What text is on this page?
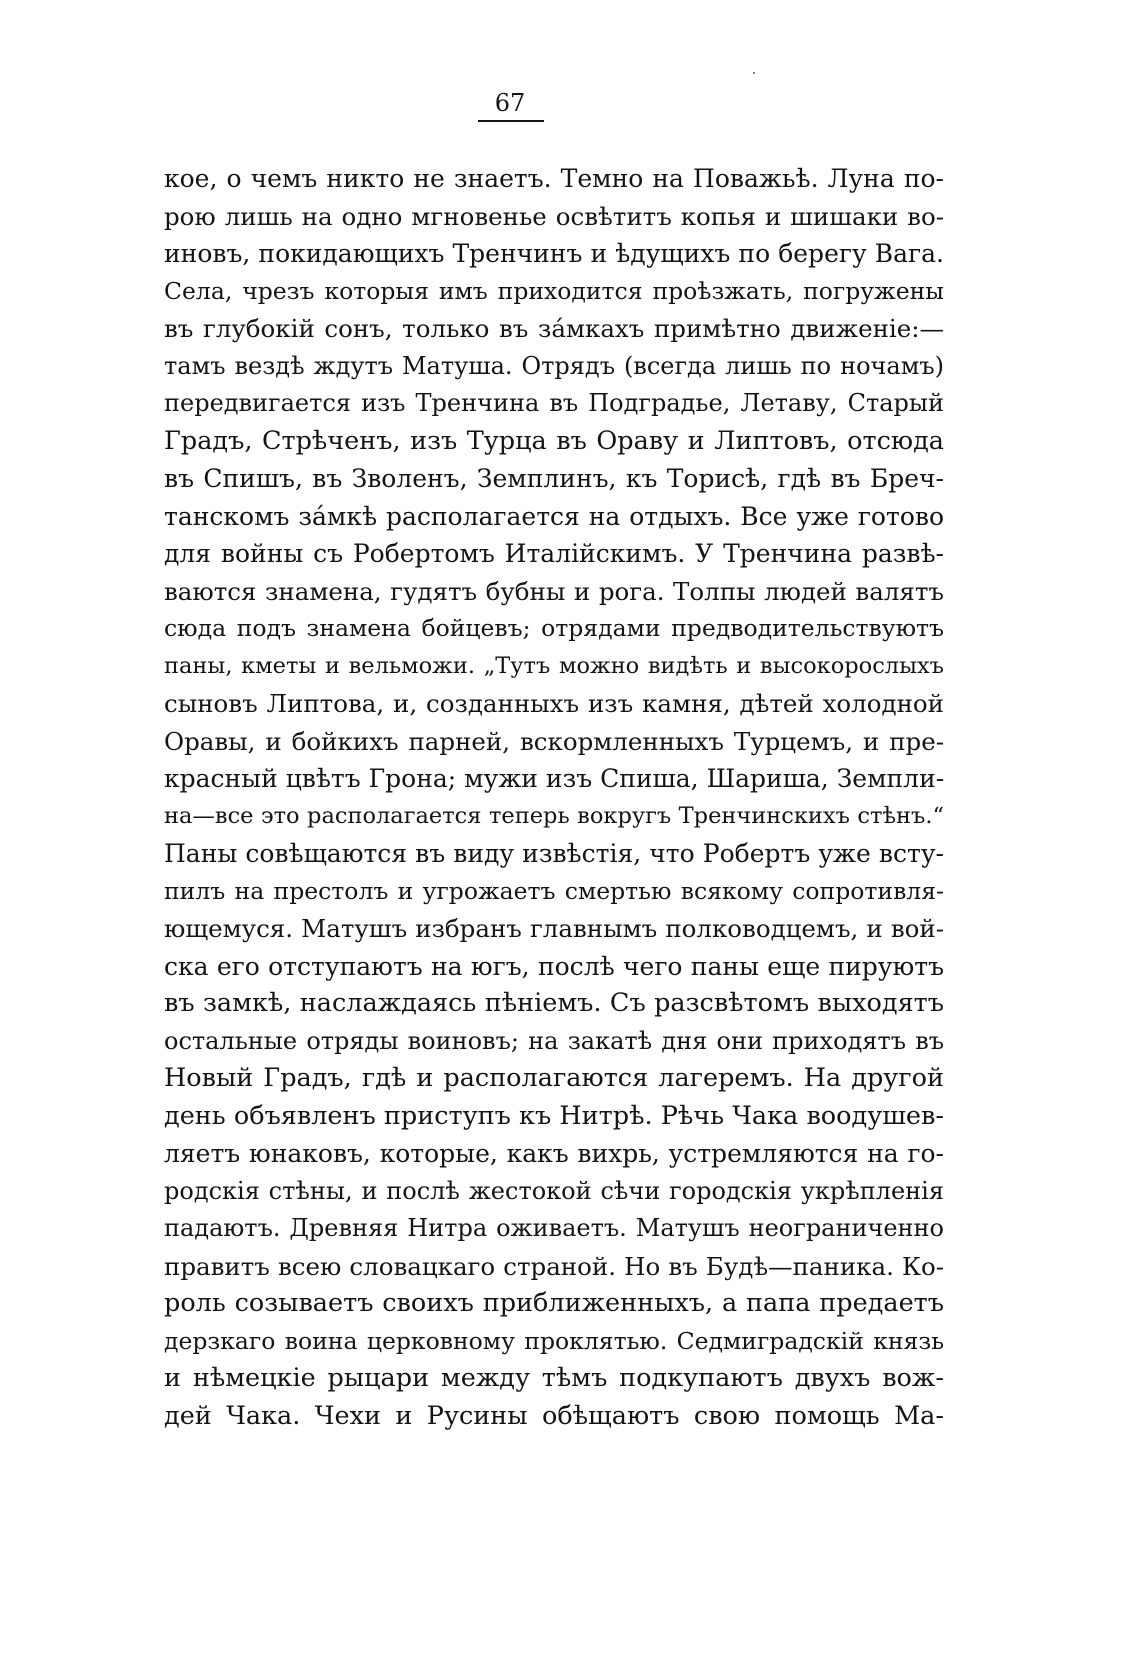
67
кое, о чемъ никто не знаетъ. Темно на Поважьѣ. Луна по-
рою лишь на одно мгновенье освѣтитъ копья и шишаки во-
иновъ, покидающихъ Тренчинъ и ѣдущихъ по берегу Вага.
Села, чрезъ которыя имъ приходится проѣзжать, погружены
въ глубокій сонъ, только въ зáмкахъ примѣтно движеніе:—
тамъ вездѣ ждутъ Матуша. Отрядъ (всегда лишь по ночамъ)
передвигается изъ Тренчина въ Подградье, Летаву, Старый
Градъ, Стрѣченъ, изъ Турца въ Ораву и Липтовъ, отсюда
въ Спишъ, въ Зволенъ, Земплинъ, къ Торисѣ, гдѣ въ Бреч-
танскомъ зáмкѣ располагается на отдыхъ. Все уже готово
для войны съ Робертомъ Италійскимъ. У Тренчина развѣ-
ваются знамена, гудятъ бубны и рога. Толпы людей валятъ
сюда подъ знамена бойцевъ; отрядами предводительствуютъ
паны, кметы и вельможи. „Тутъ можно видѣть и высокорослыхъ
сыновъ Липтова, и, созданныхъ изъ камня, дѣтей холодной
Оравы, и бойкихъ парней, вскормленныхъ Турцемъ, и пре-
красный цвѣтъ Грона; мужи изъ Спиша, Шариша, Земпли-
на—все это располагается теперь вокругъ Тренчинскихъ стѣнъ.“
Паны совѣщаются въ виду извѣстія, что Робертъ уже всту-
пилъ на престолъ и угрожаетъ смертью всякому сопротивля-
ющемуся. Матушъ избранъ главнымъ полководцемъ, и вой-
ска его отступаютъ на югъ, послѣ чего паны еще пируютъ
въ замкѣ, наслаждаясь пѣніемъ. Съ разсвѣтомъ выходятъ
остальные отряды воиновъ; на закатѣ дня они приходятъ въ
Новый Градъ, гдѣ и располагаются лагеремъ. На другой
день объявленъ приступъ къ Нитрѣ. Рѣчь Чака воодушев-
ляетъ юнаковъ, которые, какъ вихрь, устремляются на го-
родскія стѣны, и послѣ жестокой сѣчи городскія укрѣпленія
падаютъ. Древняя Нитра оживаетъ. Матушъ неограниченно
правитъ всею словацкаго страной. Но въ Будѣ—паника. Ко-
роль созываетъ своихъ приближенныхъ, а папа предаетъ
дерзкаго воина церковному проклятью. Седмиградскій князь
и нѣмецкіе рыцари между тѣмъ подкупаютъ двухъ вож-
дей Чака. Чехи и Русины обѣщаютъ свою помощь Ма-
